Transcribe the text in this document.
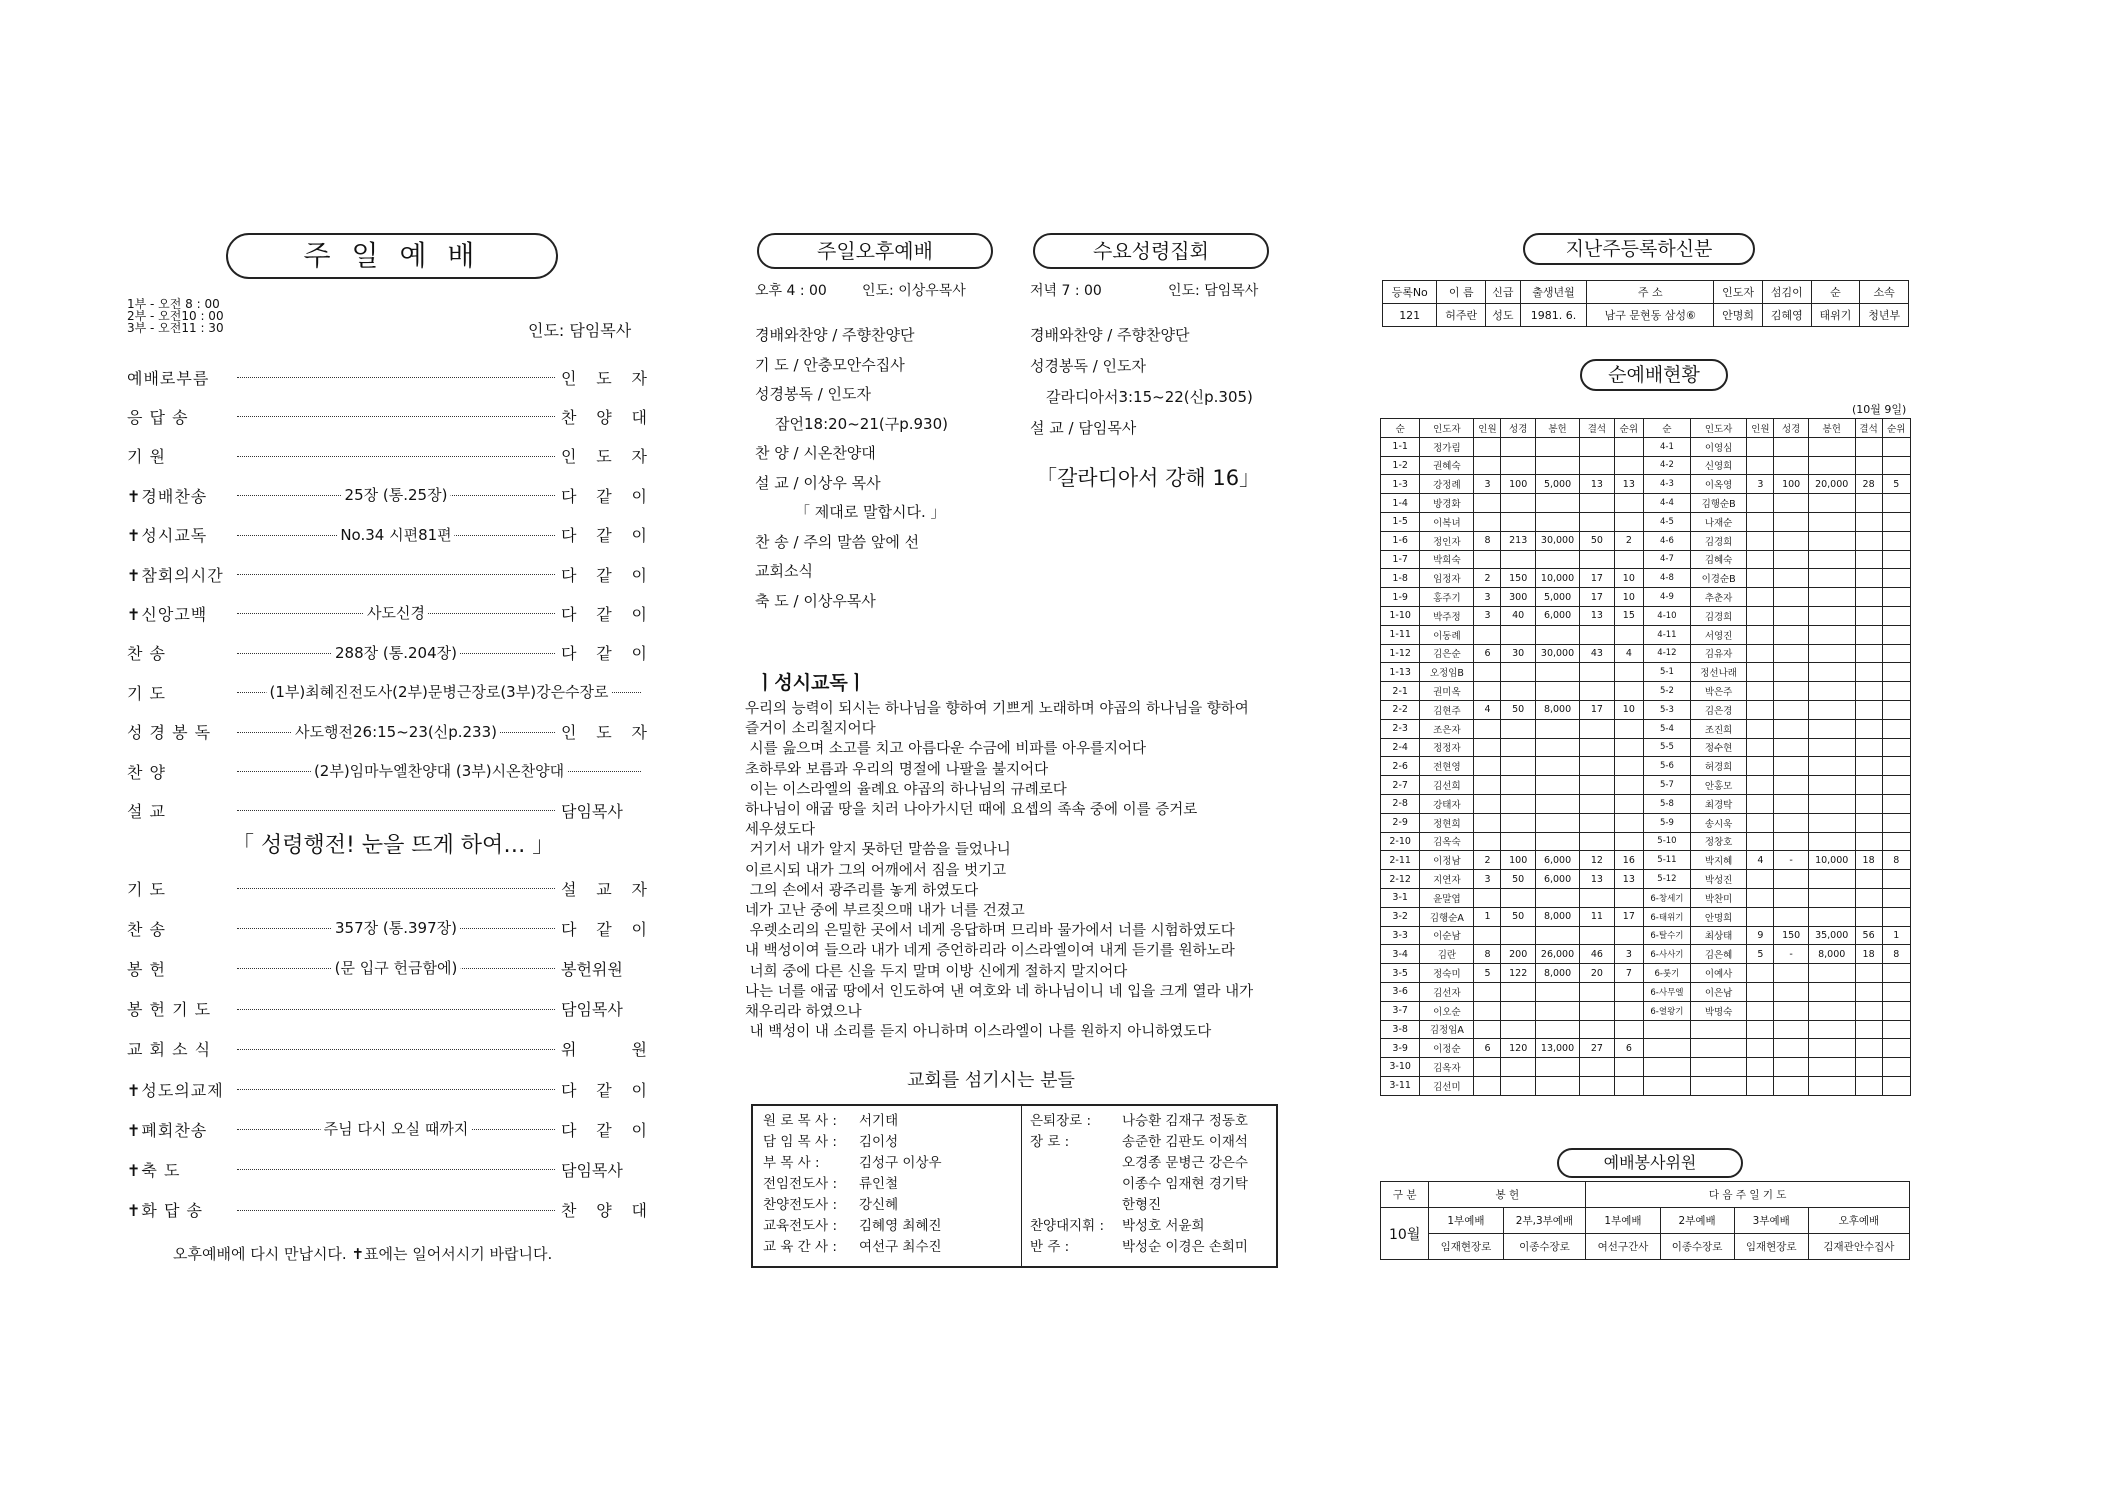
주 일 예 배
1부 - 오전 8 : 00
2부 - 오전10 : 00
3부 - 오전11 : 30	인도: 담임목사
예배로부름	인 도 자
응 답 송	찬 양 대
기 원	인 도 자
✝경배찬송	25장 (통.25장)	다 같 이
✝성시교독	No.34 시편81편	다 같 이
✝참회의시간	다 같 이
✝신앙고백	사도신경	다 같 이
찬 송	288장 (통.204장)	다 같 이
기 도	(1부)최혜진전도사(2부)문병근장로(3부)강은수장로
성 경 봉 독	사도행전26:15~23(신p.233)	인 도 자
찬 양	(2부)임마누엘찬양대 (3부)시온찬양대
설 교	담임목사
「 성령행전! 눈을 뜨게 하여… 」
기 도	설 교 자
찬 송	357장 (통.397장)	다 같 이
봉 헌	(문 입구 헌금함에)	봉헌위원
봉 헌 기 도	담임목사
교 회 소 식	위 원
✝성도의교제	다 같 이
✝폐회찬송	주님 다시 오실 때까지	다 같 이
✝축 도	담임목사
✝화 답 송	찬 양 대
오후예배에 다시 만납시다. ✝표에는 일어서시기 바랍니다.
주일오후예배
오후 4 : 00	인도: 이상우목사
경배와찬양 / 주향찬양단
기 도 / 안충모안수집사
성경봉독 / 인도자
잠언18:20~21(구p.930)
찬 양 / 시온찬양대
설 교 / 이상우 목사
「 제대로 말합시다. 」
찬 송 / 주의 말씀 앞에 선
교회소식
축 도 / 이상우목사
수요성령집회
저녁 7 : 00	인도: 담임목사
경배와찬양 / 주향찬양단
성경봉독 / 인도자
갈라디아서3:15~22(신p.305)
설 교 / 담임목사
「갈라디아서 강해 16」
ㅣ성시교독ㅣ
우리의 능력이 되시는 하나님을 향하여 기쁘게 노래하며 야곱의 하나님을 향하여
즐거이 소리칠지어다
시를 읊으며 소고를 치고 아름다운 수금에 비파를 아우를지어다
초하루와 보름과 우리의 명절에 나팔을 불지어다
이는 이스라엘의 율례요 야곱의 하나님의 규례로다
하나님이 애굽 땅을 치러 나아가시던 때에 요셉의 족속 중에 이를 증거로
세우셨도다
거기서 내가 알지 못하던 말씀을 들었나니
이르시되 내가 그의 어깨에서 짐을 벗기고
그의 손에서 광주리를 놓게 하였도다
네가 고난 중에 부르짖으매 내가 너를 건졌고
우렛소리의 은밀한 곳에서 네게 응답하며 므리바 물가에서 너를 시험하였도다
내 백성이여 들으라 내가 네게 증언하리라 이스라엘이여 내게 듣기를 원하노라
너희 중에 다른 신을 두지 말며 이방 신에게 절하지 말지어다
나는 너를 애굽 땅에서 인도하여 낸 여호와 네 하나님이니 네 입을 크게 열라 내가
채우리라 하였으나
내 백성이 내 소리를 듣지 아니하며 이스라엘이 나를 원하지 아니하였도다
교회를 섬기시는 분들
원 로 목 사 :	서기태
담 임 목 사 :	김이성
부 목 사 :	김성구 이상우
전임전도사 :	류인철
찬양전도사 :	강신혜
교육전도사 :	김혜영 최혜진
교 육 간 사 :	여선구 최수진
은퇴장로 :	나승환 김재구 정동호
장 로 :	송준한 김판도 이재석
오경종 문병근 강은수
이종수 임재현 경기탁
한형진
찬양대지휘 :	박성호 서윤희
반 주 :	박성순 이경은 손희미
지난주등록하신분
등록No	이 름	신급	출생년월	주 소	인도자	섬김이	순	소속
121	허주란	성도	1981. 6.	남구 문현동 삼성⑥	안명희	김혜영	태위기	청년부
순예배현황
(10월 9일)
순	인도자	인원	성경	봉헌	결석	순위	순	인도자	인원	성경	봉헌	결석	순위
1-1	정가림						4-1	이영심					
1-2	권혜숙						4-2	신영희					
1-3	강정례	3	100	5,000	13	13	4-3	이옥영	3	100	20,000	28	5
1-4	방경화						4-4	김행순B					
1-5	이복녀						4-5	나재순					
1-6	정인자	8	213	30,000	50	2	4-6	김경희					
1-7	박희숙						4-7	김혜숙					
1-8	임정자	2	150	10,000	17	10	4-8	이경순B					
1-9	홍주기	3	300	5,000	17	10	4-9	추춘자					
1-10	박주정	3	40	6,000	13	15	4-10	김경희					
1-11	이동례						4-11	서영진					
1-12	김은순	6	30	30,000	43	4	4-12	김유자					
1-13	오정임B						5-1	정선나래					
2-1	권미옥						5-2	박은주					
2-2	김현주	4	50	8,000	17	10	5-3	김은경					
2-3	조은자						5-4	조진희					
2-4	정정자						5-5	정수현					
2-6	전현영						5-6	허경희					
2-7	김선희						5-7	안홍모					
2-8	강태자						5-8	최경탁					
2-9	정현희						5-9	송시욱					
2-10	김옥숙						5-10	정창호					
2-11	이정남	2	100	6,000	12	16	5-11	박지혜	4	-	10,000	18	8
2-12	지연자	3	50	6,000	13	13	5-12	박성진					
3-1	윤말엽						6-창세기	박찬미					
3-2	김행순A	1	50	8,000	11	17	6-태위기	안명희					
3-3	이순남						6-탈수기	최상태	9	150	35,000	56	1
3-4	김란	8	200	26,000	46	3	6-사사기	김은혜	5	-	8,000	18	8
3-5	정숙미	5	122	8,000	20	7	6-룻기	이예사					
3-6	김선자						6-사무엘	이은남					
3-7	이오순						6-열왕기	박명숙					
3-8	김정임A												
3-9	이정순	6	120	13,000	27	6							
3-10	김옥자												
3-11	김선미												
예배봉사위원
구 분	봉 헌		다 음 주 일 기 도			
10월	1부예배	2부,3부예배	1부예배	2부예배	3부예배	오후예배
	임재현장로	이종수장로	여선구간사	이종수장로	임재현장로	김재관안수집사
